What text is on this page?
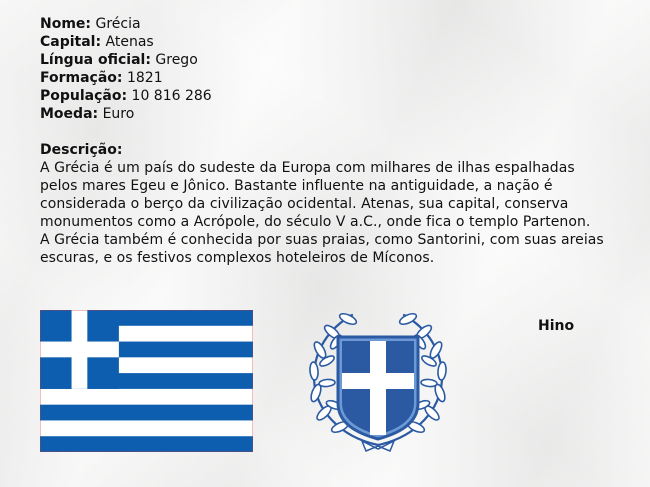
Nome: Grécia
Capital: Atenas
Língua oficial: Grego
Formação: 1821
População: 10 816 286
Moeda: Euro
Descrição:
A Grécia é um país do sudeste da Europa com milhares de ilhas espalhadas
pelos mares Egeu e Jônico. Bastante influente na antiguidade, a nação é
considerada o berço da civilização ocidental. Atenas, sua capital, conserva
monumentos como a Acrópole, do século V a.C., onde fica o templo Partenon.
A Grécia também é conhecida por suas praias, como Santorini, com suas areias
escuras, e os festivos complexos hoteleiros de Míconos.
Hino
